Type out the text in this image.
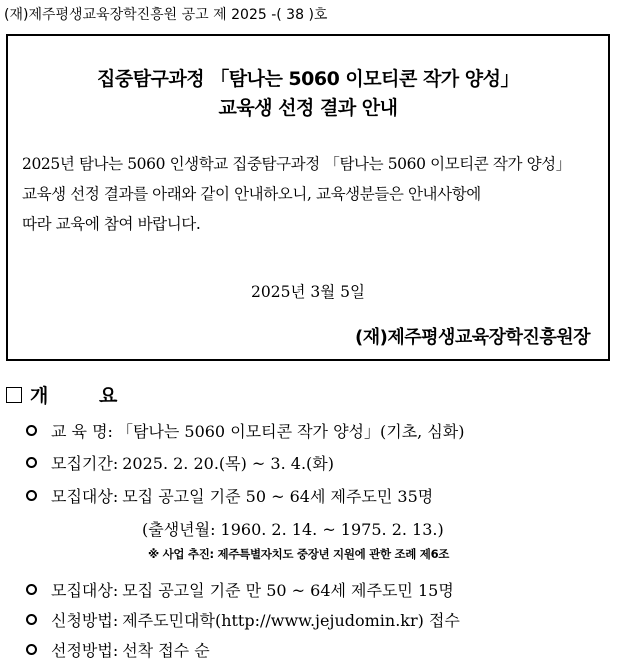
(재)제주평생교육장학진흥원 공고 제 2025 -( 38 )호
집중탐구과정 「탐나는 5060 이모티콘 작가 양성」
교육생 선정 결과 안내
2025년 탐나는 5060 인생학교 집중탐구과정 「탐나는 5060 이모티콘 작가 양성」
교육생 선정 결과를 아래와 같이 안내하오니, 교육생분들은 안내사항에
따라 교육에 참여 바랍니다.
2025년 3월 5일
(재)제주평생교육장학진흥원장
개 요
교 육 명: 「탐나는 5060 이모티콘 작가 양성」(기초, 심화)
모집기간: 2025. 2. 20.(목) ~ 3. 4.(화)
모집대상: 모집 공고일 기준 50 ~ 64세 제주도민 35명
(출생년월: 1960. 2. 14. ~ 1975. 2. 13.)
※ 사업 추진: 제주특별자치도 중장년 지원에 관한 조례 제6조
모집대상: 모집 공고일 기준 만 50 ~ 64세 제주도민 15명
신청방법: 제주도민대학(http://www.jejudomin.kr) 접수
선정방법: 선착 접수 순
